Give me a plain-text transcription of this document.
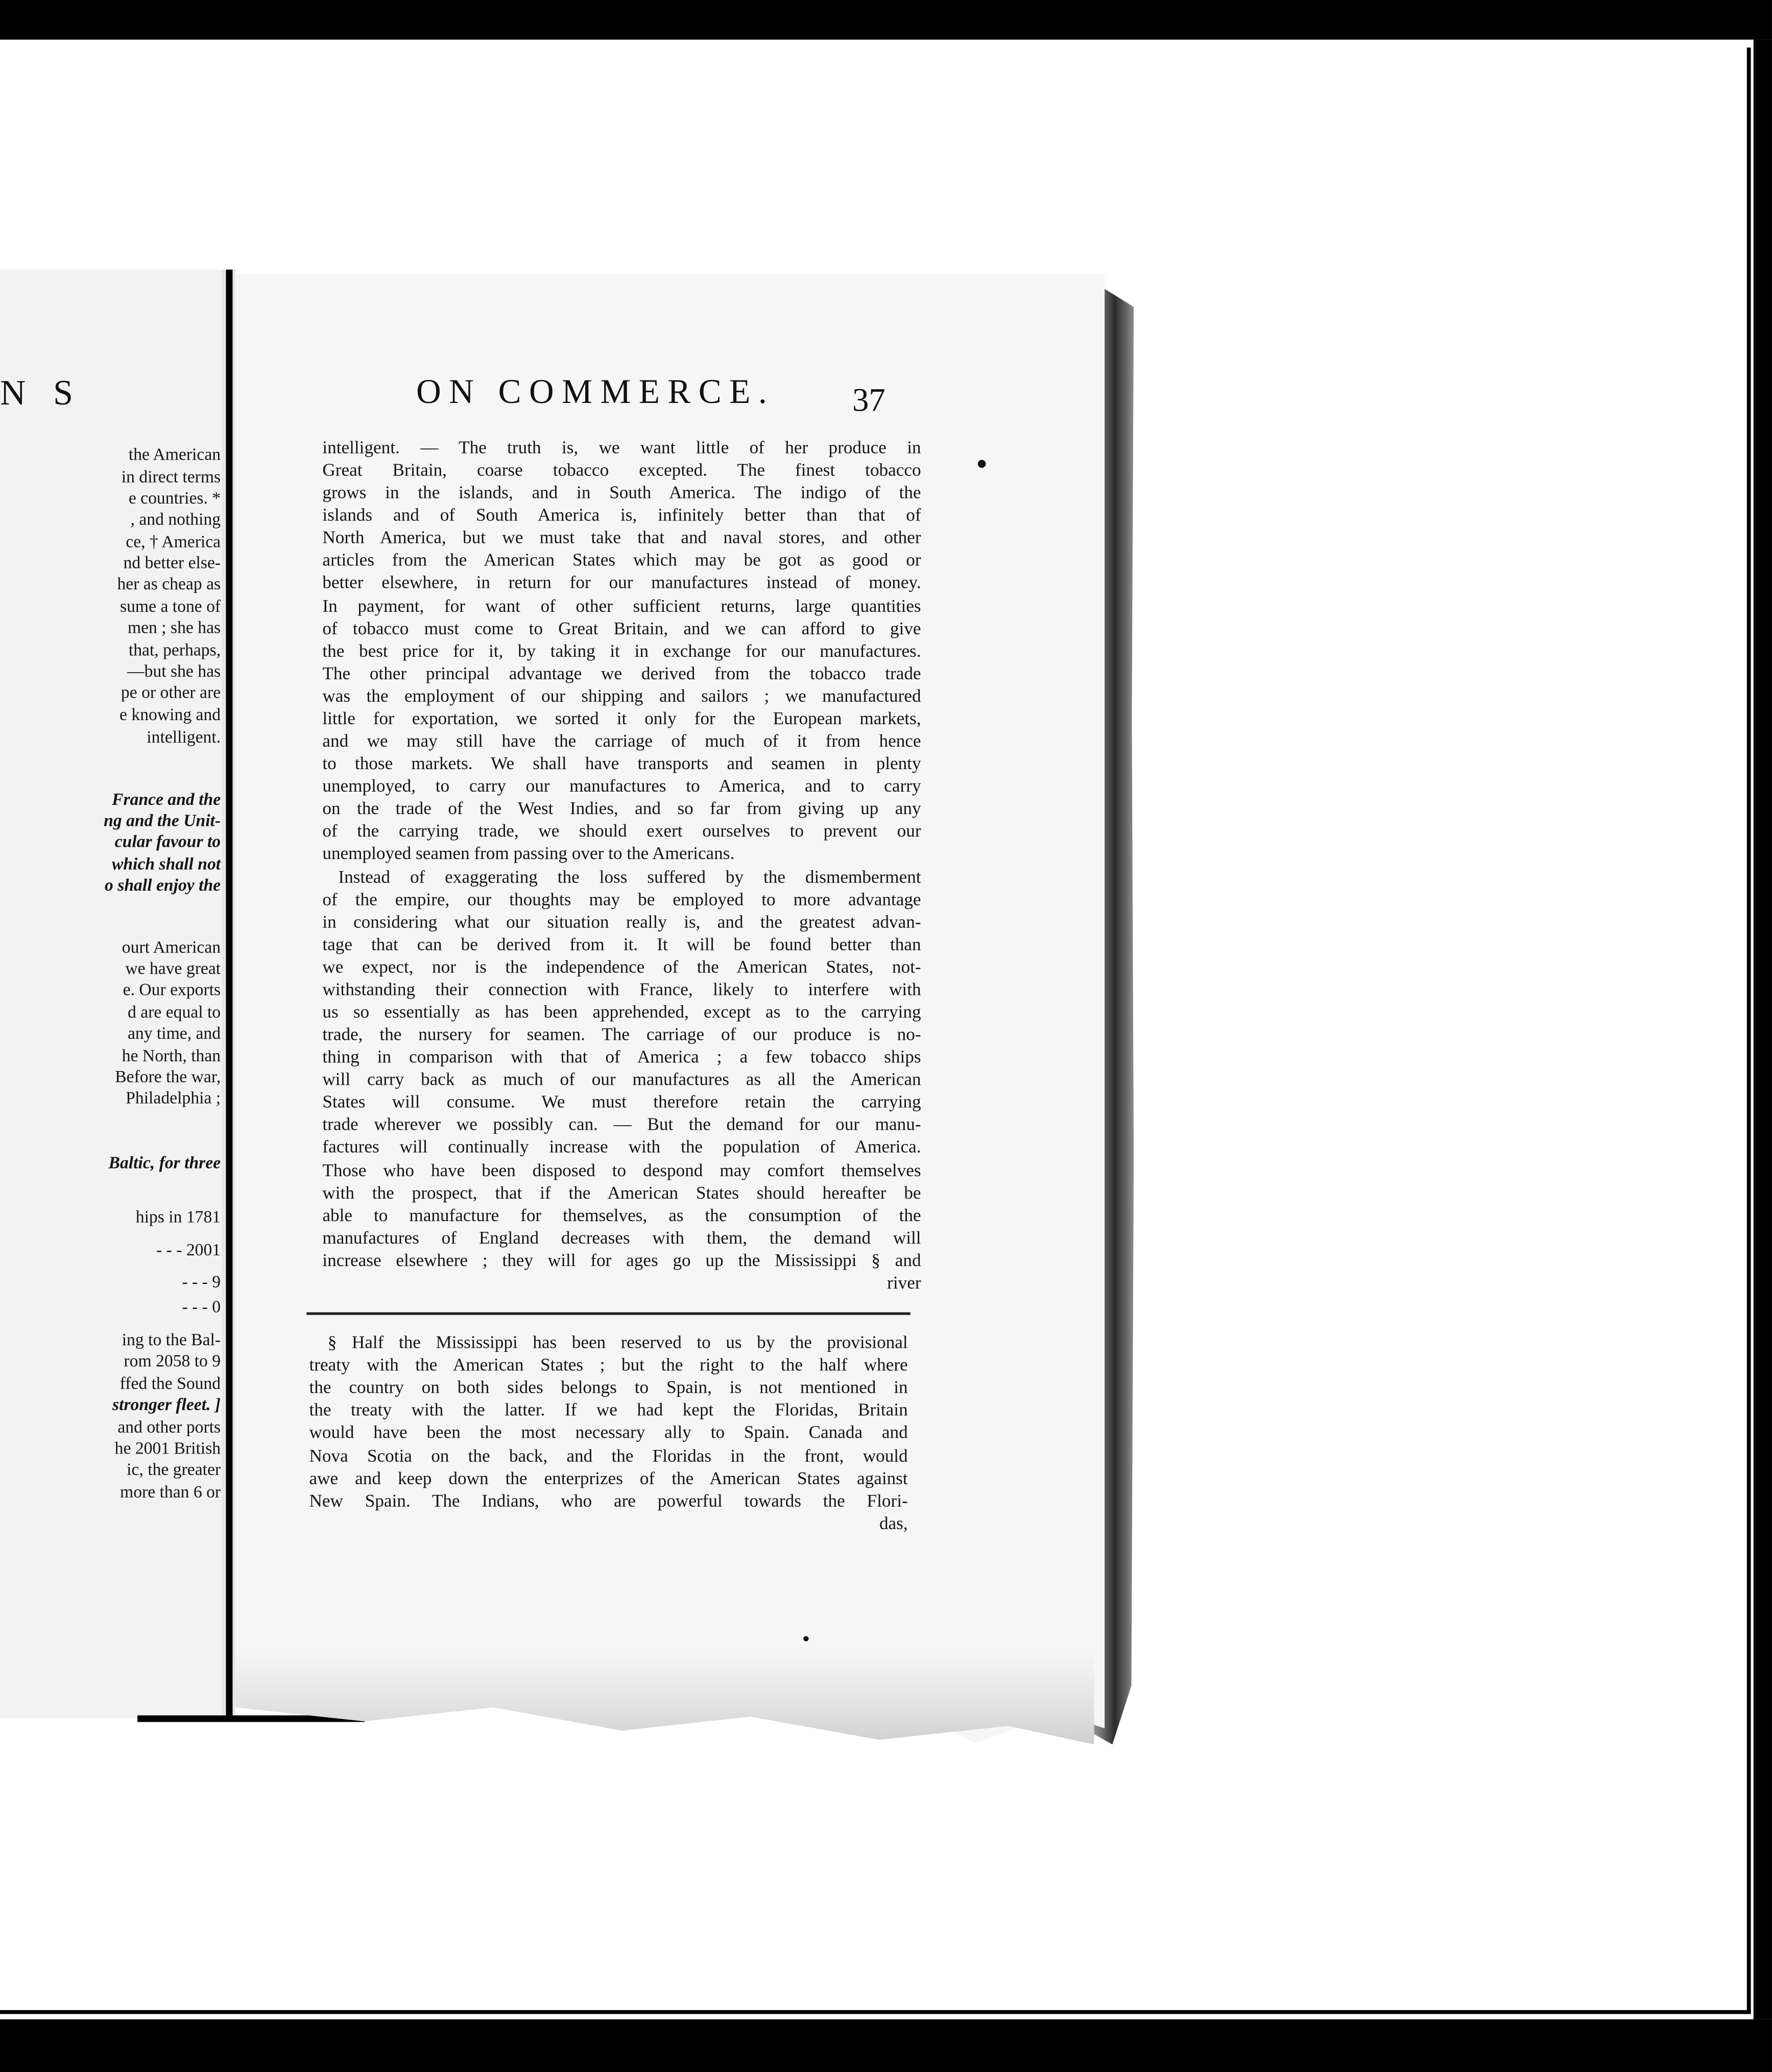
N S
the American
in direct terms
e countries. *
, and nothing
ce, † America
nd better else-
her as cheap as
sume a tone of
men ; she has
that, perhaps,
—but she has
pe or other are
e knowing and
intelligent.
France and the
ng and the Unit-
cular favour to
which shall not
o shall enjoy the
ourt American
we have great
e. Our exports
d are equal to
any time, and
he North, than
Before the war,
Philadelphia ;
Baltic, for three
hips in 1781
- - - 2001
- - - 9
- - - 0
ing to the Bal-
rom 2058 to 9
ffed the Sound
stronger fleet. ]
and other ports
he 2001 British
ic, the greater
more than 6 or
ON COMMERCE.	37
intelligent. — The truth is, we want little of her produce in
Great Britain, coarse tobacco excepted. The finest tobacco
grows in the islands, and in South America. The indigo of the
islands and of South America is, infinitely better than that of
North America, but we must take that and naval stores, and other
articles from the American States which may be got as good or
better elsewhere, in return for our manufactures instead of money.
In payment, for want of other sufficient returns, large quantities
of tobacco must come to Great Britain, and we can afford to give
the best price for it, by taking it in exchange for our manufactures.
The other principal advantage we derived from the tobacco trade
was the employment of our shipping and sailors ; we manufactured
little for exportation, we sorted it only for the European markets,
and we may still have the carriage of much of it from hence
to those markets. We shall have transports and seamen in plenty
unemployed, to carry our manufactures to America, and to carry
on the trade of the West Indies, and so far from giving up any
of the carrying trade, we should exert ourselves to prevent our
unemployed seamen from passing over to the Americans.
Instead of exaggerating the loss suffered by the dismemberment
of the empire, our thoughts may be employed to more advantage
in considering what our situation really is, and the greatest advan-
tage that can be derived from it. It will be found better than
we expect, nor is the independence of the American States, not-
withstanding their connection with France, likely to interfere with
us so essentially as has been apprehended, except as to the carrying
trade, the nursery for seamen. The carriage of our produce is no-
thing in comparison with that of America ; a few tobacco ships
will carry back as much of our manufactures as all the American
States will consume. We must therefore retain the carrying
trade wherever we possibly can. — But the demand for our manu-
factures will continually increase with the population of America.
Those who have been disposed to despond may comfort themselves
with the prospect, that if the American States should hereafter be
able to manufacture for themselves, as the consumption of the
manufactures of England decreases with them, the demand will
increase elsewhere ; they will for ages go up the Mississippi § and
river
§ Half the Mississippi has been reserved to us by the provisional
treaty with the American States ; but the right to the half where
the country on both sides belongs to Spain, is not mentioned in
the treaty with the latter. If we had kept the Floridas, Britain
would have been the most necessary ally to Spain. Canada and
Nova Scotia on the back, and the Floridas in the front, would
awe and keep down the enterprizes of the American States against
New Spain. The Indians, who are powerful towards the Flori-
das,
